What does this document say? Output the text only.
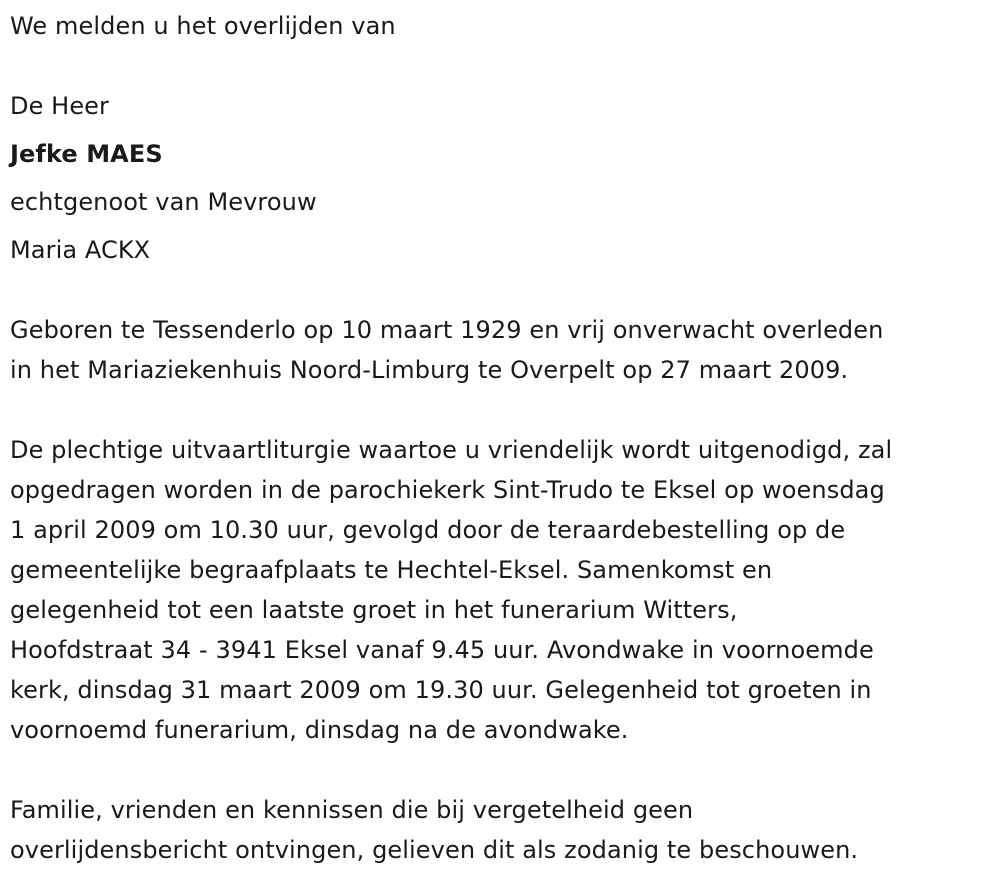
We melden u het overlijden van
De Heer
Jefke MAES
echtgenoot van Mevrouw
Maria ACKX
Geboren te Tessenderlo op 10 maart 1929 en vrij onverwacht overleden
in het Mariaziekenhuis Noord-Limburg te Overpelt op 27 maart 2009.
De plechtige uitvaartliturgie waartoe u vriendelijk wordt uitgenodigd, zal
opgedragen worden in de parochiekerk Sint-Trudo te Eksel op woensdag
1 april 2009 om 10.30 uur, gevolgd door de teraardebestelling op de
gemeentelijke begraafplaats te Hechtel-Eksel. Samenkomst en
gelegenheid tot een laatste groet in het funerarium Witters,
Hoofdstraat 34 - 3941 Eksel vanaf 9.45 uur. Avondwake in voornoemde
kerk, dinsdag 31 maart 2009 om 19.30 uur. Gelegenheid tot groeten in
voornoemd funerarium, dinsdag na de avondwake.
Familie, vrienden en kennissen die bij vergetelheid geen
overlijdensbericht ontvingen, gelieven dit als zodanig te beschouwen.
